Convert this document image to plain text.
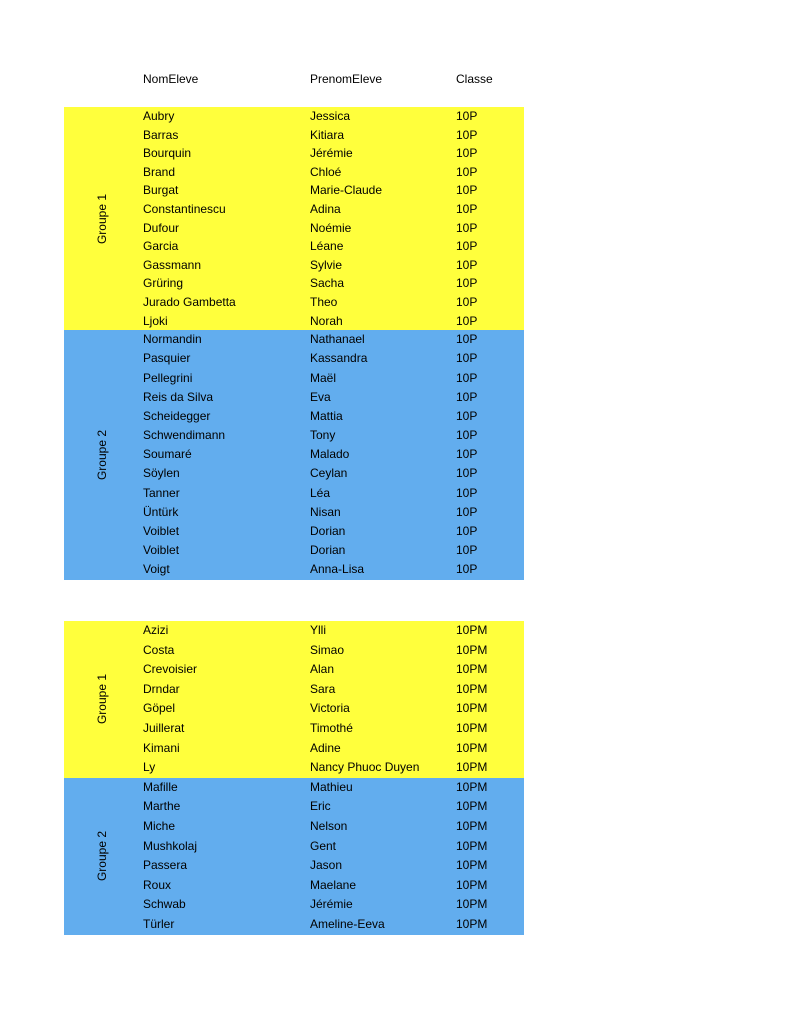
NomEleve	PrenomEleve	Classe
Groupe 1
Aubry	Jessica	10P
Barras	Kitiara	10P
Bourquin	Jérémie	10P
Brand	Chloé	10P
Burgat	Marie-Claude	10P
Constantinescu	Adina	10P
Dufour	Noémie	10P
Garcia	Léane	10P
Gassmann	Sylvie	10P
Grüring	Sacha	10P
Jurado Gambetta	Theo	10P
Ljoki	Norah	10P
Groupe 2
Normandin	Nathanael	10P
Pasquier	Kassandra	10P
Pellegrini	Maël	10P
Reis da Silva	Eva	10P
Scheidegger	Mattia	10P
Schwendimann	Tony	10P
Soumaré	Malado	10P
Söylen	Ceylan	10P
Tanner	Léa	10P
Üntürk	Nisan	10P
Voiblet	Dorian	10P
Voiblet	Dorian	10P
Voigt	Anna-Lisa	10P
Groupe 1
Azizi	Ylli	10PM
Costa	Simao	10PM
Crevoisier	Alan	10PM
Drndar	Sara	10PM
Göpel	Victoria	10PM
Juillerat	Timothé	10PM
Kimani	Adine	10PM
Ly	Nancy Phuoc Duyen	10PM
Groupe 2
Mafille	Mathieu	10PM
Marthe	Eric	10PM
Miche	Nelson	10PM
Mushkolaj	Gent	10PM
Passera	Jason	10PM
Roux	Maelane	10PM
Schwab	Jérémie	10PM
Türler	Ameline-Eeva	10PM
